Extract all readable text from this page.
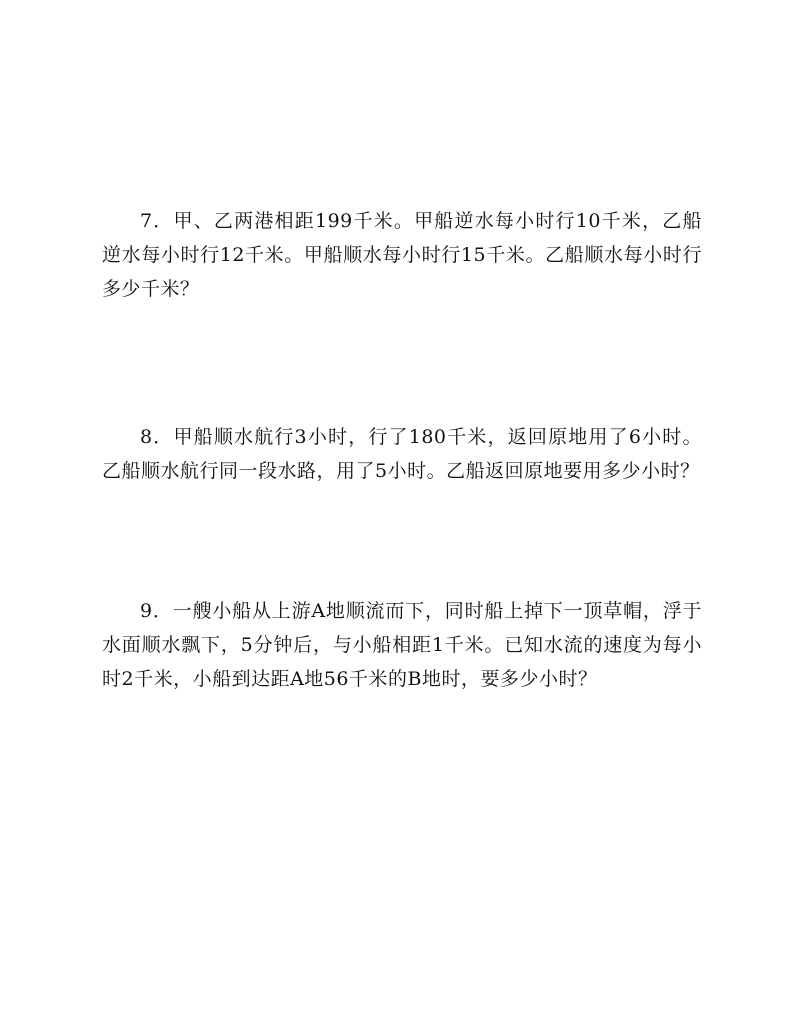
7．甲、乙两港相距199千米。甲船逆水每小时行10千米，乙船逆水每小时行12千米。甲船顺水每小时行15千米。乙船顺水每小时行多少千米？

8．甲船顺水航行3小时，行了180千米，返回原地用了6小时。乙船顺水航行同一段水路，用了5小时。乙船返回原地要用多少小时？

9．一艘小船从上游A地顺流而下，同时船上掉下一顶草帽，浮于水面顺水飘下，5分钟后，与小船相距1千米。已知水流的速度为每小时2千米，小船到达距A地56千米的B地时，要多少小时？
